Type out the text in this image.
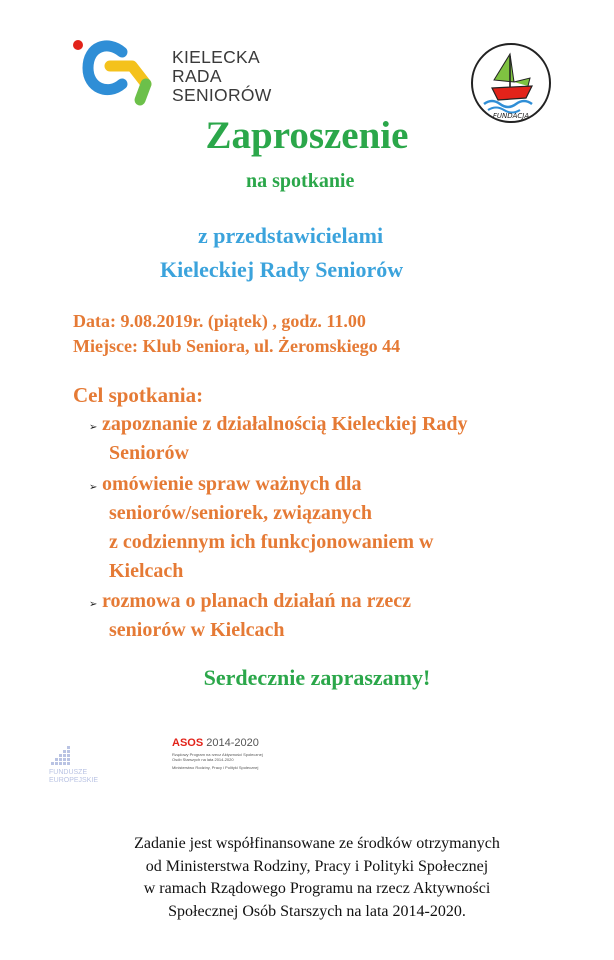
KIELECKA
RADA
SENIORÓW
FUNDACJA
Zaproszenie
na spotkanie
z przedstawicielami
Kieleckiej Rady Seniorów
Data: 9.08.2019r. (piątek) , godz. 11.00
Miejsce: Klub Seniora, ul. Żeromskiego 44
Cel spotkania:
➢ zapoznanie z działalnością Kieleckiej Rady
Seniorów
➢ omówienie spraw ważnych dla
seniorów/seniorek, związanych
z codziennym ich funkcjonowaniem w
Kielcach
➢ rozmowa o planach działań na rzecz
seniorów w Kielcach
Serdecznie zapraszamy!
FUNDUSZE
EUROPEJSKIE
ASOS 2014-2020
Rządowy Program na rzecz Aktywności Społecznej
Osób Starszych na lata 2014-2020
Ministerstwo Rodziny, Pracy i Polityki Społecznej
Zadanie jest współfinansowane ze środków otrzymanych
od Ministerstwa Rodziny, Pracy i Polityki Społecznej
w ramach Rządowego Programu na rzecz Aktywności
Społecznej Osób Starszych na lata 2014-2020.
